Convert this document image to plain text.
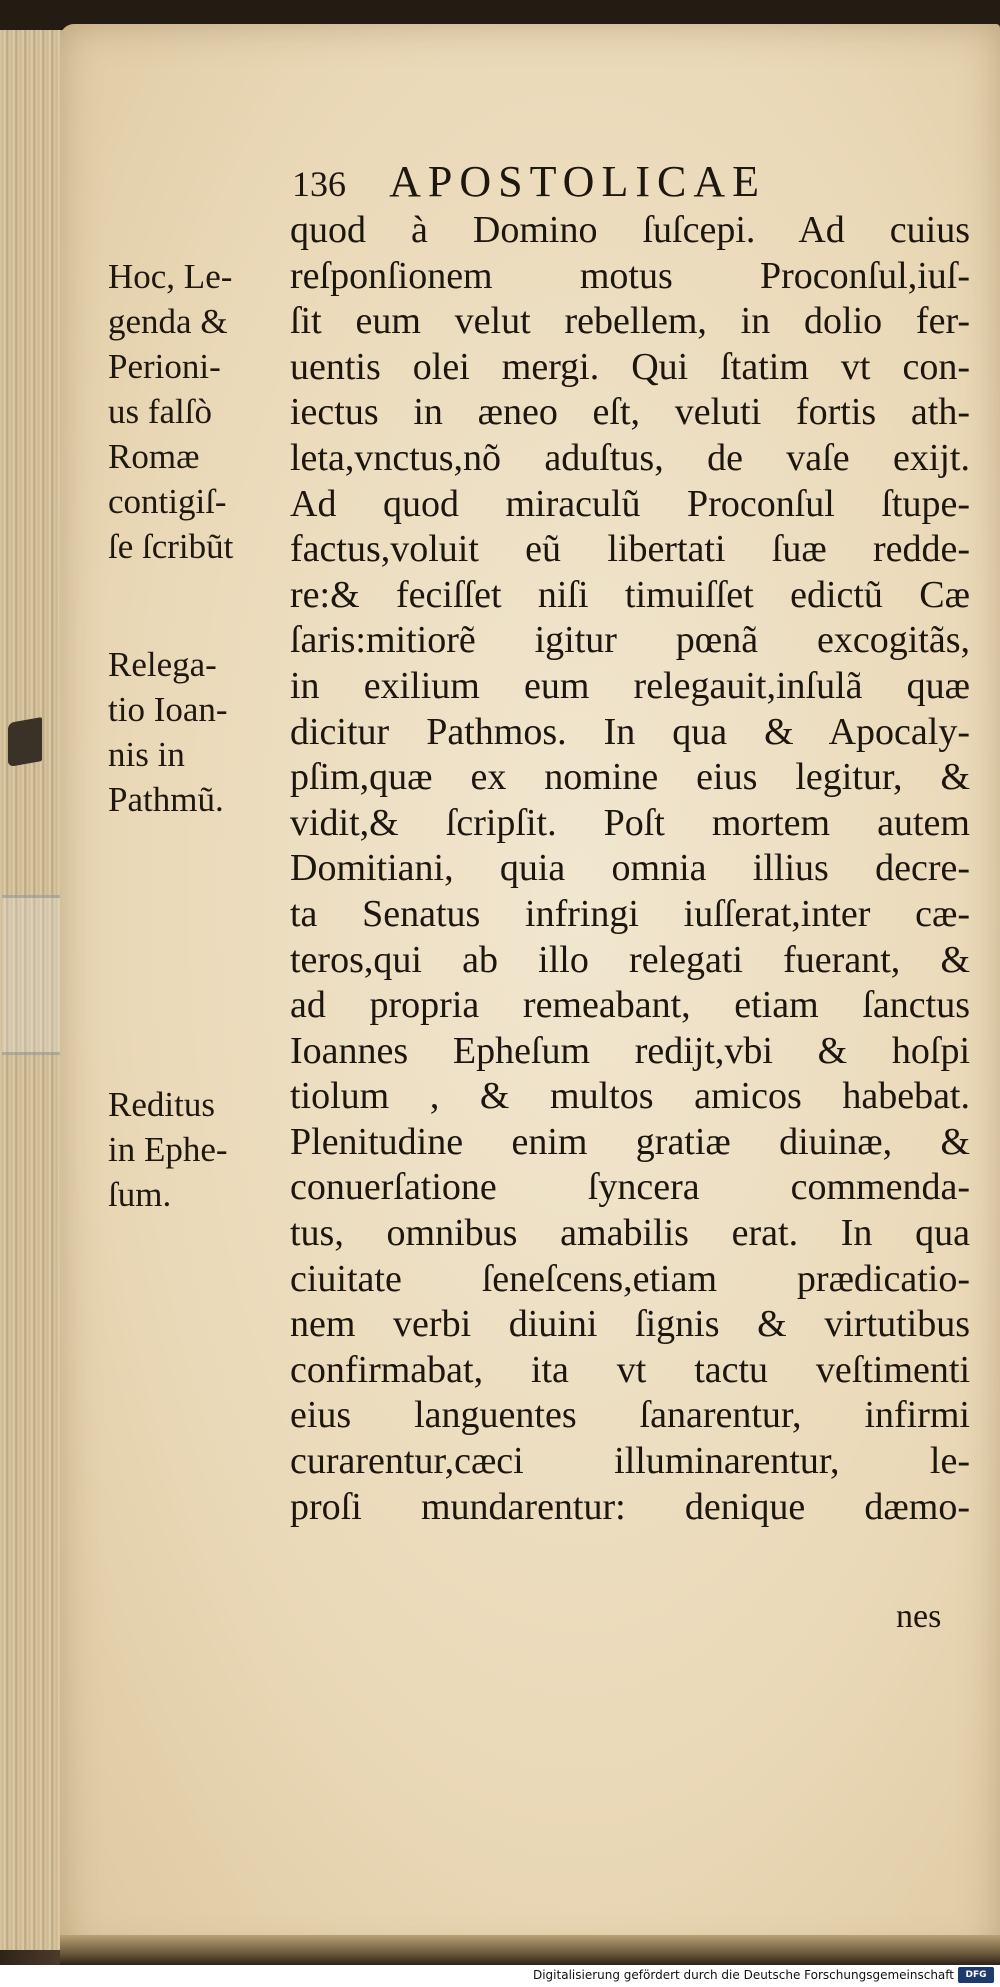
136 APOSTOLICAE
Hoc, Le-
genda &
Perioni-
us falſò
Romæ
contigiſ-
ſe ſcribũt
Relega-
tio Ioan-
nis in
Pathmũ.
Reditus
in Ephe-
ſum.
quod à Domino ſuſcepi. Ad cuius
reſponſionem motus Proconſul,iuſ-
ſit eum velut rebellem, in dolio fer-
uentis olei mergi. Qui ſtatim vt con-
iectus in æneo eſt, veluti fortis ath-
leta,vnctus,nõ aduſtus, de vaſe exijt.
Ad quod miraculũ Proconſul ſtupe-
factus,voluit eũ libertati ſuæ redde-
re:& feciſſet niſi timuiſſet edictũ Cæ
ſaris:mitiorẽ igitur pœnã excogitãs,
in exilium eum relegauit,inſulã quæ
dicitur Pathmos. In qua & Apocaly-
pſim,quæ ex nomine eius legitur, &
vidit,& ſcripſit. Poſt mortem autem
Domitiani, quia omnia illius decre-
ta Senatus infringi iuſſerat,inter cæ-
teros,qui ab illo relegati fuerant, &
ad propria remeabant, etiam ſanctus
Ioannes Epheſum redijt,vbi & hoſpi
tiolum , & multos amicos habebat.
Plenitudine enim gratiæ diuinæ, &
conuerſatione ſyncera commenda-
tus, omnibus amabilis erat. In qua
ciuitate ſeneſcens,etiam prædicatio-
nem verbi diuini ſignis & virtutibus
confirmabat, ita vt tactu veſtimenti
eius languentes ſanarentur, infirmi
curarentur,cæci illuminarentur, le-
proſi mundarentur: denique dæmo-
nes
Digitalisierung gefördert durch die Deutsche Forschungsgemeinschaft	DFG
